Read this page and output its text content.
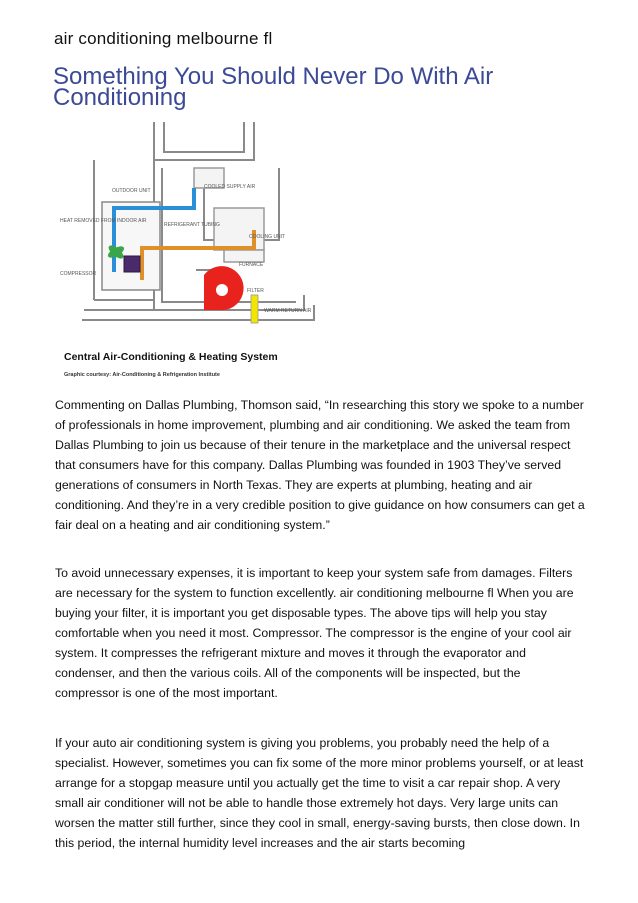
air conditioning melbourne fl
Something You Should Never Do With Air Conditioning
OUTDOOR UNIT
HEAT REMOVED FROM INDOOR AIR
COMPRESSOR
COOLED SUPPLY AIR
REFRIGERANT TUBING
COOLING UNIT
FURNACE
FILTER
WARM RETURN AIR
Central Air-Conditioning & Heating System
Graphic courtesy: Air-Conditioning & Refrigeration Institute

Commenting on Dallas Plumbing, Thomson said, “In researching this story we spoke to a number of professionals in home improvement, plumbing and air conditioning. We asked the team from Dallas Plumbing to join us because of their tenure in the marketplace and the universal respect that consumers have for this company. Dallas Plumbing was founded in 1903 They’ve served generations of consumers in North Texas. They are experts at plumbing, heating and air conditioning. And they’re in a very credible position to give guidance on how consumers can get a fair deal on a heating and air conditioning system.”

To avoid unnecessary expenses, it is important to keep your system safe from damages. Filters are necessary for the system to function excellently. air conditioning melbourne fl When you are buying your filter, it is important you get disposable types. The above tips will help you stay comfortable when you need it most. Compressor. The compressor is the engine of your cool air system. It compresses the refrigerant mixture and moves it through the evaporator and condenser, and then the various coils. All of the components will be inspected, but the compressor is one of the most important.

If your auto air conditioning system is giving you problems, you probably need the help of a specialist. However, sometimes you can fix some of the more minor problems yourself, or at least arrange for a stopgap measure until you actually get the time to visit a car repair shop. A very small air conditioner will not be able to handle those extremely hot days. Very large units can worsen the matter still further, since they cool in small, energy-saving bursts, then close down. In this period, the internal humidity level increases and the air starts becoming
